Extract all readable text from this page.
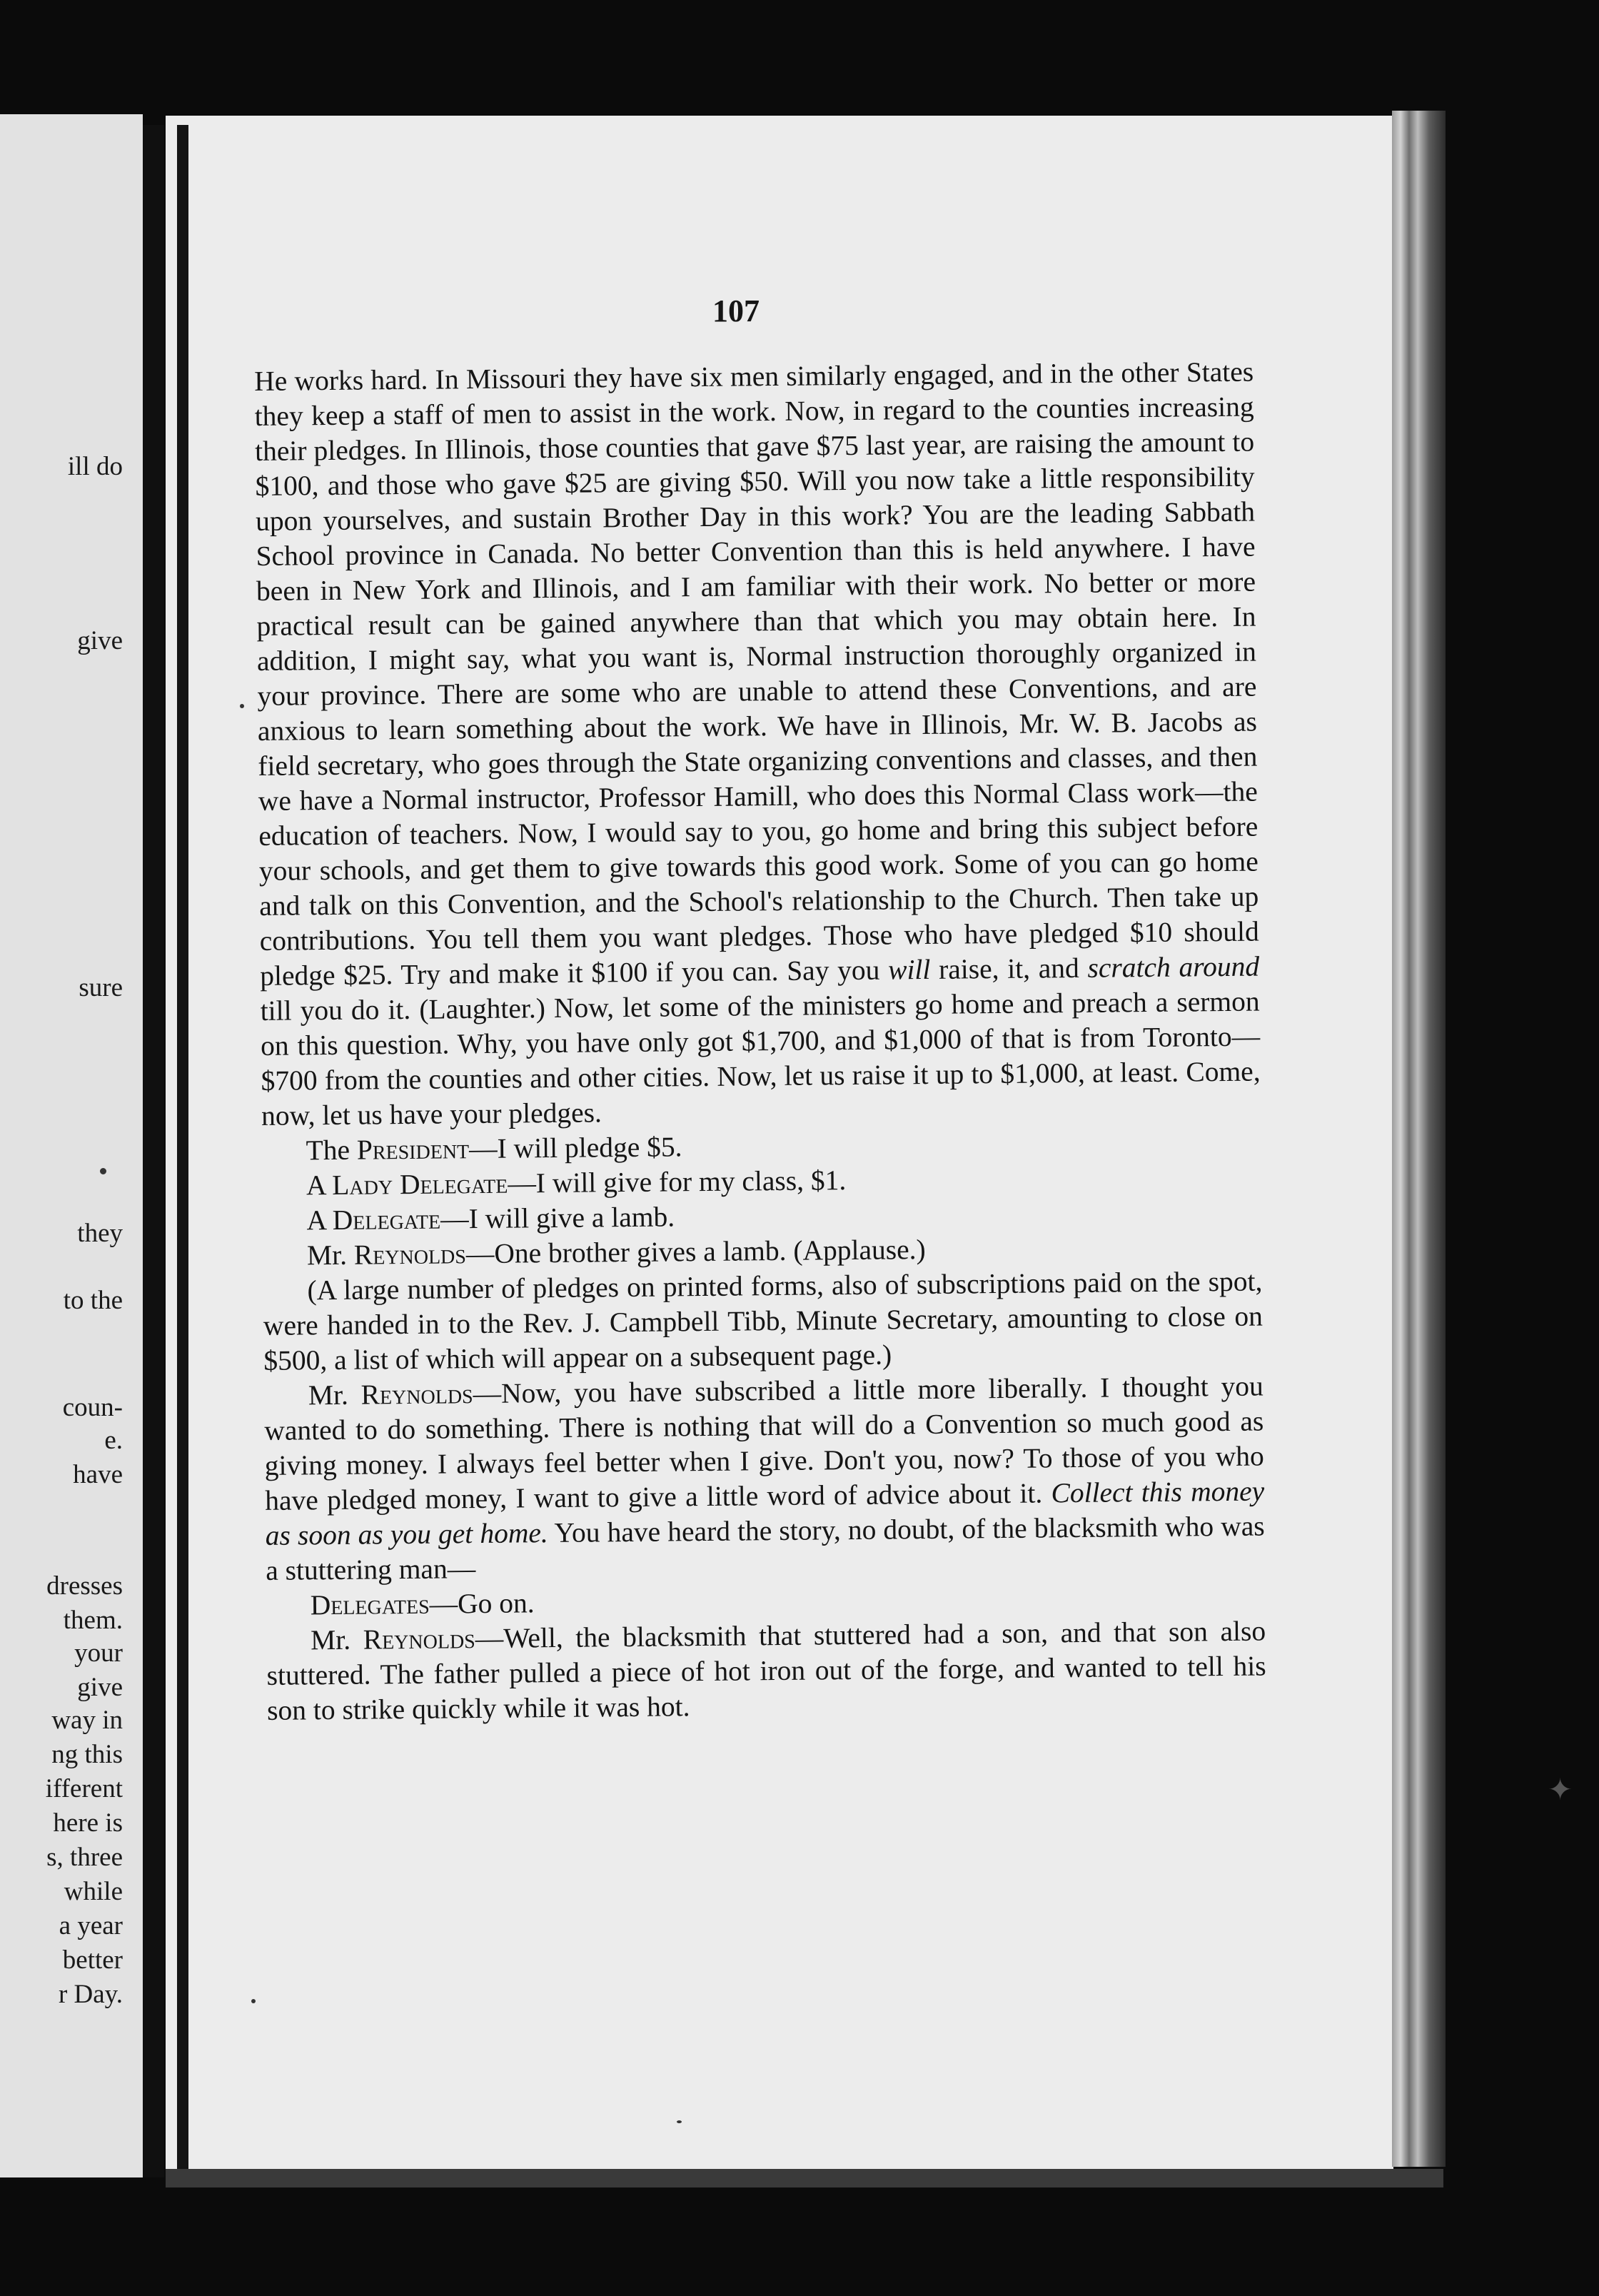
ill do
give
sure
they
to the
coun-
e.
have
dresses
them.
your
give
way in
ng this
ifferent
here is
s, three
while
a year
better
r Day.
107

He works hard. In Missouri they have six men similarly engaged, and in the other States they keep a staff of men to assist in the work. Now, in regard to the counties increasing their pledges. In Illinois, those counties that gave $75 last year, are raising the amount to $100, and those who gave $25 are giving $50. Will you now take a little responsibility upon yourselves, and sustain Brother Day in this work? You are the leading Sabbath School province in Canada. No better Convention than this is held anywhere. I have been in New York and Illinois, and I am familiar with their work. No better or more practical result can be gained anywhere than that which you may obtain here. In addition, I might say, what you want is, Normal instruction thoroughly organized in your province. There are some who are unable to attend these Conventions, and are anxious to learn something about the work. We have in Illinois, Mr. W. B. Jacobs as field secretary, who goes through the State organizing conventions and classes, and then we have a Normal instructor, Professor Hamill, who does this Normal Class work—the education of teachers. Now, I would say to you, go home and bring this subject before your schools, and get them to give towards this good work. Some of you can go home and talk on this Convention, and the School's relationship to the Church. Then take up contributions. You tell them you want pledges. Those who have pledged $10 should pledge $25. Try and make it $100 if you can. Say you will raise, it, and scratch around till you do it. (Laughter.) Now, let some of the ministers go home and preach a sermon on this question. Why, you have only got $1,700, and $1,000 of that is from Toronto—$700 from the counties and other cities. Now, let us raise it up to $1,000, at least. Come, now, let us have your pledges.

The President—I will pledge $5.

A Lady Delegate—I will give for my class, $1.

A Delegate—I will give a lamb.

Mr. Reynolds—One brother gives a lamb. (Applause.)

(A large number of pledges on printed forms, also of subscriptions paid on the spot, were handed in to the Rev. J. Campbell Tibb, Minute Secretary, amounting to close on $500, a list of which will appear on a subsequent page.)

Mr. Reynolds—Now, you have subscribed a little more liberally. I thought you wanted to do something. There is nothing that will do a Convention so much good as giving money. I always feel better when I give. Don't you, now? To those of you who have pledged money, I want to give a little word of advice about it. Collect this money as soon as you get home. You have heard the story, no doubt, of the blacksmith who was a stuttering man—

Delegates—Go on.

Mr. Reynolds—Well, the blacksmith that stuttered had a son, and that son also stuttered. The father pulled a piece of hot iron out of the forge, and wanted to tell his son to strike quickly while it was hot.

✦
